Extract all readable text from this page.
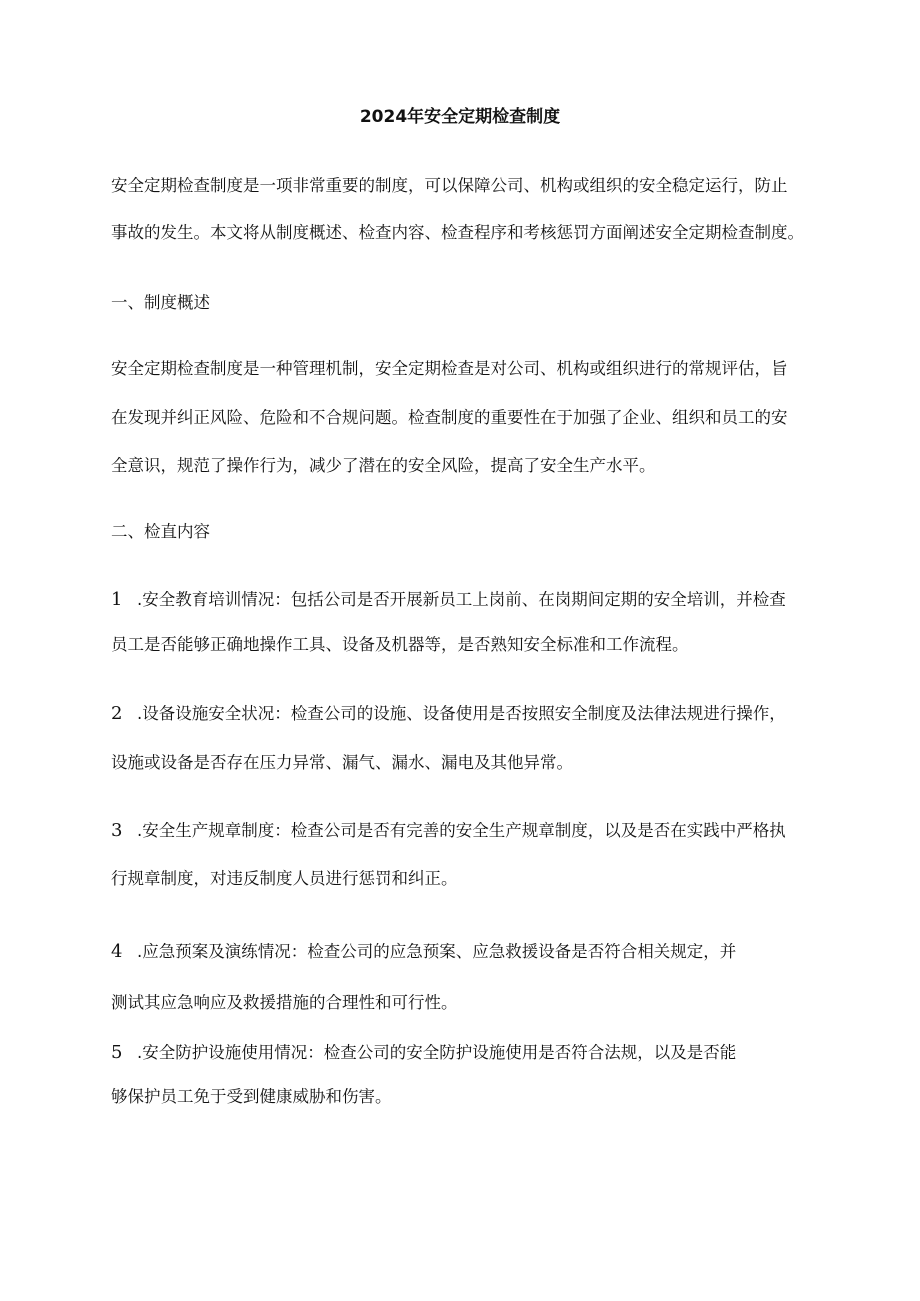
2024年安全定期检查制度
安全定期检查制度是一项非常重要的制度，可以保障公司、机构或组织的安全稳定运行，防止
事故的发生。本文将从制度概述、检查内容、检查程序和考核惩罚方面阐述安全定期检查制度。
一、制度概述
安全定期检查制度是一种管理机制，安全定期检查是对公司、机构或组织进行的常规评估，旨
在发现并纠正风险、危险和不合规问题。检查制度的重要性在于加强了企业、组织和员工的安
全意识，规范了操作行为，减少了潜在的安全风险，提高了安全生产水平。
二、检直内容
1 .安全教育培训情况：包括公司是否开展新员工上岗前、在岗期间定期的安全培训，并检查
员工是否能够正确地操作工具、设备及机器等，是否熟知安全标准和工作流程。
2 .设备设施安全状况：检查公司的设施、设备使用是否按照安全制度及法律法规进行操作，
设施或设备是否存在压力异常、漏气、漏水、漏电及其他异常。
3 .安全生产规章制度：检查公司是否有完善的安全生产规章制度，以及是否在实践中严格执
行规章制度，对违反制度人员进行惩罚和纠正。
4 .应急预案及演练情况：检查公司的应急预案、应急救援设备是否符合相关规定，并
测试其应急响应及救援措施的合理性和可行性。
5 .安全防护设施使用情况：检查公司的安全防护设施使用是否符合法规，以及是否能
够保护员工免于受到健康威胁和伤害。
